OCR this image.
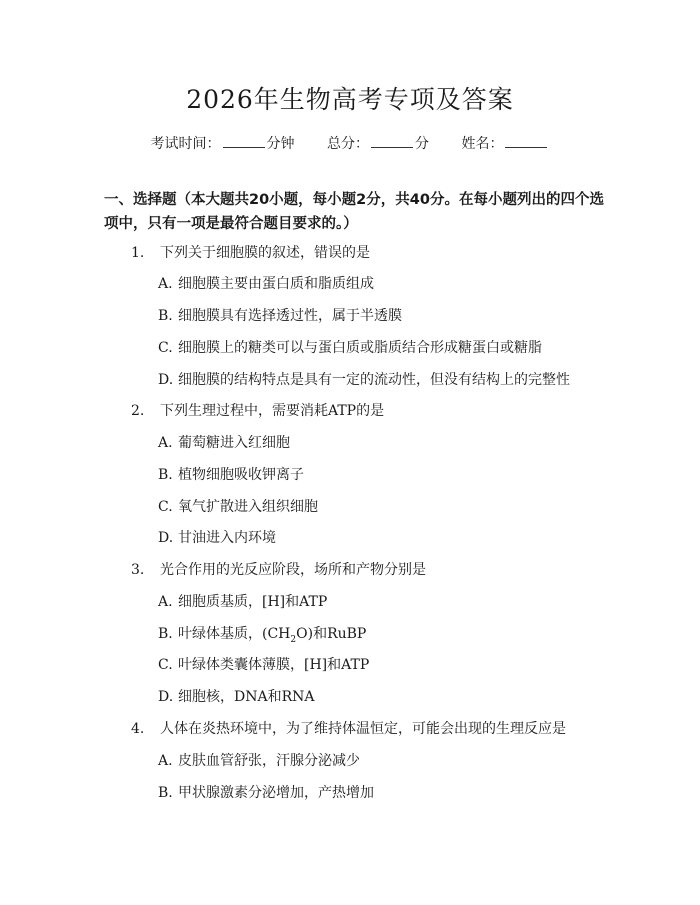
2026年生物高考专项及答案
考试时间：	分钟 总分：	分 姓名：
一、选择题（本大题共20小题，每小题2分，共40分。在每小题列出的四个选项中，只有一项是最符合题目要求的。）
1. 下列关于细胞膜的叙述，错误的是
A. 细胞膜主要由蛋白质和脂质组成
B. 细胞膜具有选择透过性，属于半透膜
C. 细胞膜上的糖类可以与蛋白质或脂质结合形成糖蛋白或糖脂
D. 细胞膜的结构特点是具有一定的流动性，但没有结构上的完整性
2. 下列生理过程中，需要消耗ATP的是
A. 葡萄糖进入红细胞
B. 植物细胞吸收钾离子
C. 氧气扩散进入组织细胞
D. 甘油进入内环境
3. 光合作用的光反应阶段，场所和产物分别是
A. 细胞质基质，[H]和ATP
B. 叶绿体基质，$(CH_2O)$和RuBP
C. 叶绿体类囊体薄膜，[H]和ATP
D. 细胞核，DNA和RNA
4. 人体在炎热环境中，为了维持体温恒定，可能会出现的生理反应是
A. 皮肤血管舒张，汗腺分泌减少
B. 甲状腺激素分泌增加，产热增加
